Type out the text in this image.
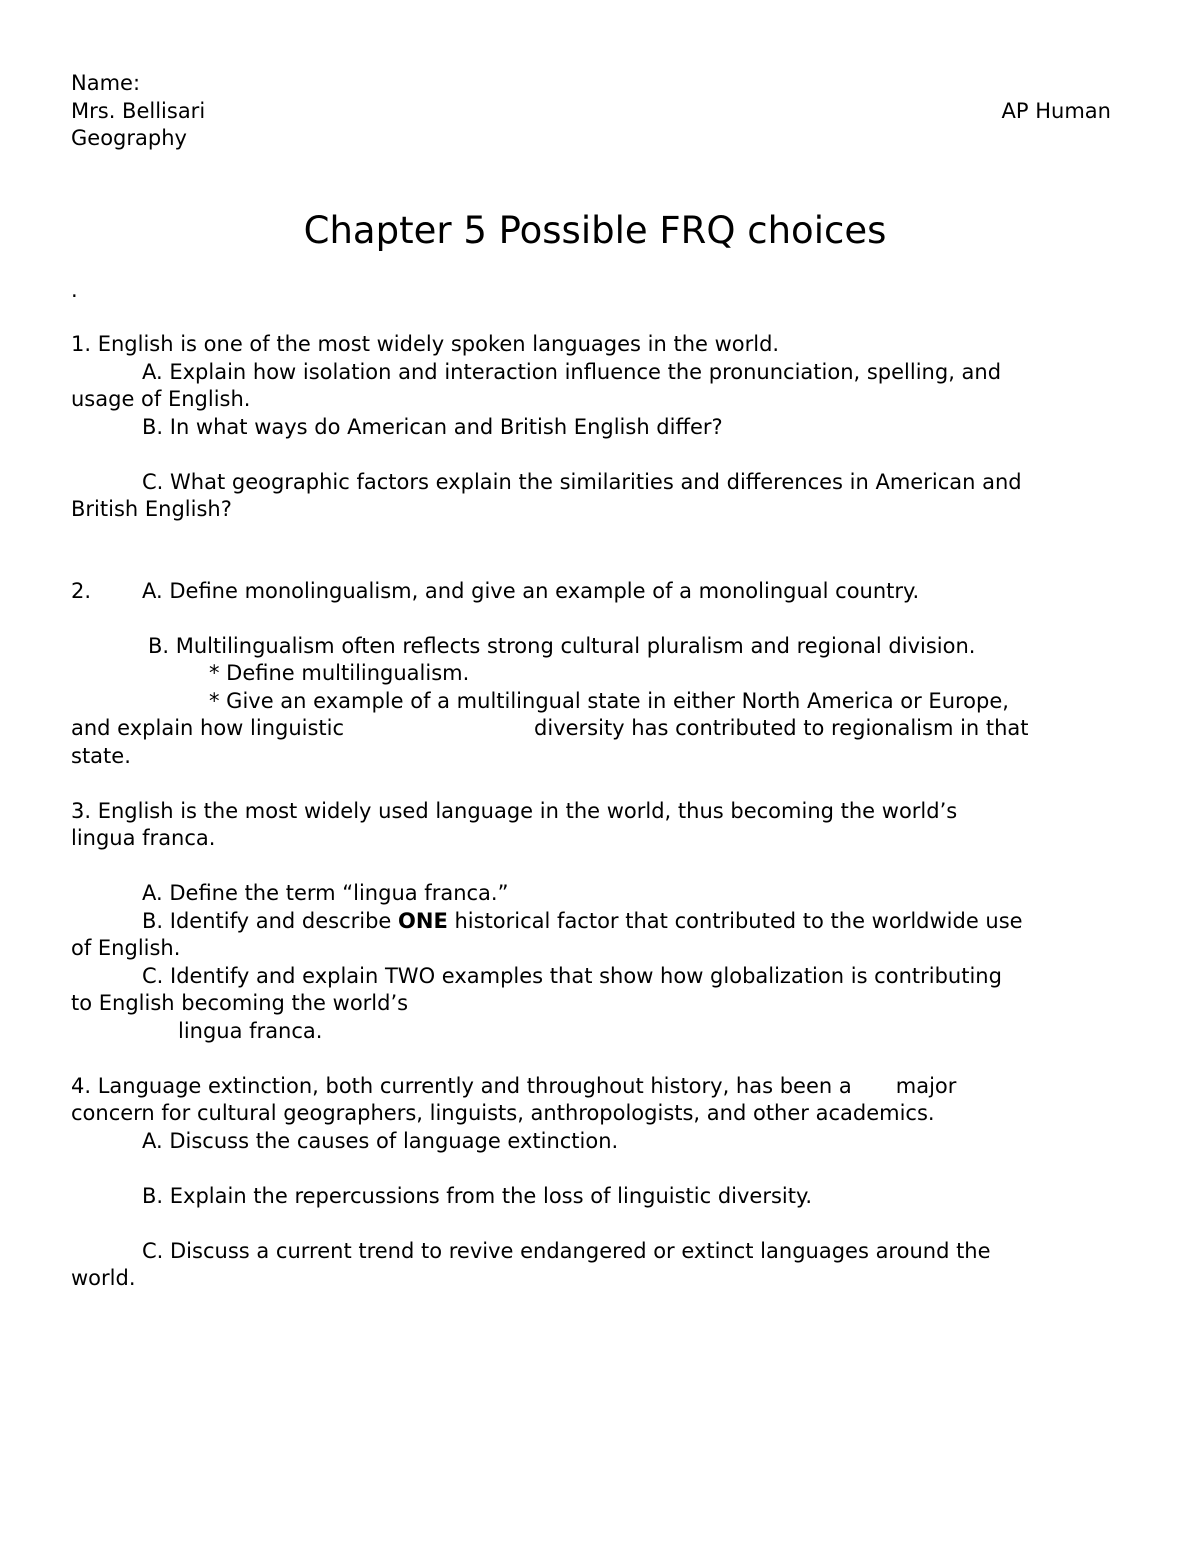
Name:
Mrs. Bellisari	AP Human
Geography
Chapter 5 Possible FRQ choices
.
1. English is one of the most widely spoken languages in the world.
A. Explain how isolation and interaction influence the pronunciation, spelling, and
usage of English.
B. In what ways do American and British English differ?
C. What geographic factors explain the similarities and differences in American and
British English?
2. A. Define monolingualism, and give an example of a monolingual country.
B. Multilingualism often reflects strong cultural pluralism and regional division.
* Define multilingualism.
* Give an example of a multilingual state in either North America or Europe,
and explain how linguistic	diversity has contributed to regionalism in that
state.
3. English is the most widely used language in the world, thus becoming the world’s
lingua franca.
A. Define the term “lingua franca.”
B. Identify and describe ONE historical factor that contributed to the worldwide use
of English.
C. Identify and explain TWO examples that show how globalization is contributing
to English becoming the world’s
lingua franca.
4. Language extinction, both currently and throughout history, has been a major
concern for cultural geographers, linguists, anthropologists, and other academics.
A. Discuss the causes of language extinction.
B. Explain the repercussions from the loss of linguistic diversity.
C. Discuss a current trend to revive endangered or extinct languages around the
world.
